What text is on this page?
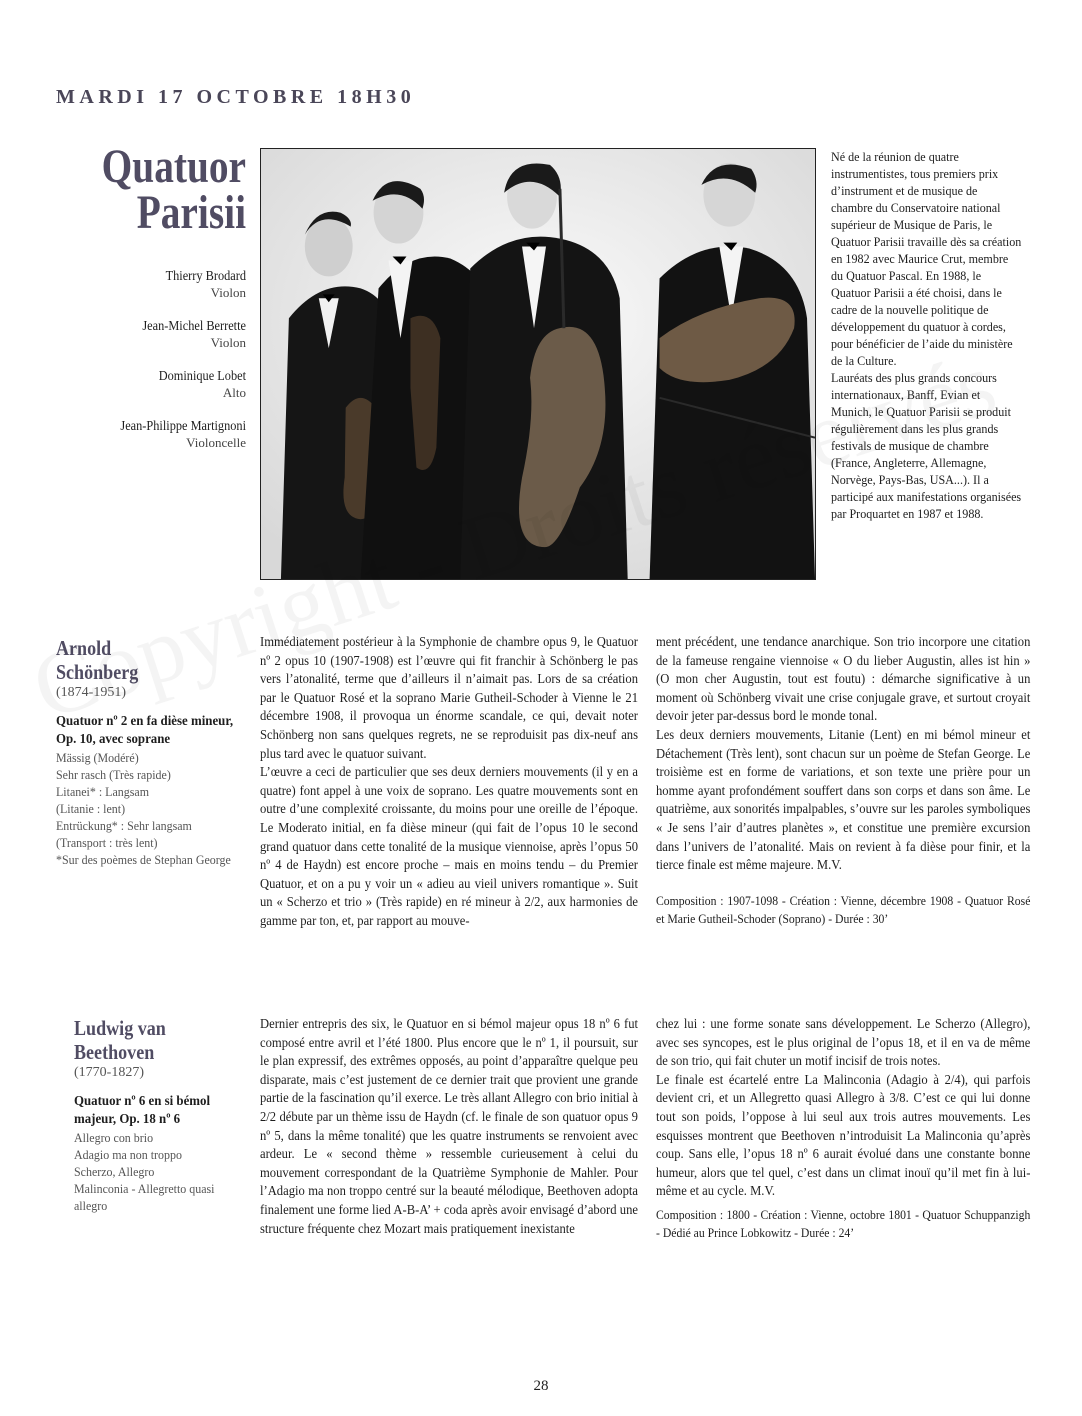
MARDI 17 OCTOBRE 18H30
Quatuor
Parisii
Thierry Brodard
Violon
Jean-Michel Berrette
Violon
Dominique Lobet
Alto
Jean-Philippe Martignoni
Violoncelle

Né de la réunion de quatre instrumentistes, tous premiers prix d’instrument et de musique de chambre du Conservatoire national supérieur de Musique de Paris, le Quatuor Parisii travaille dès sa création en 1982 avec Maurice Crut, membre du Quatuor Pascal. En 1988, le Quatuor Parisii a été choisi, dans le cadre de la nouvelle politique de développement du quatuor à cordes, pour bénéficier de l’aide du ministère de la Culture.

Lauréats des plus grands concours internationaux, Banff, Evian et Munich, le Quatuor Parisii se produit régulièrement dans les plus grands festivals de musique de chambre (France, Angleterre, Allemagne, Norvège, Pays-Bas, USA...). Il a participé aux manifestations organisées par Proquartet en 1987 et 1988.

Arnold
Schönberg
(1874-1951)
Quatuor nº 2 en fa dièse mineur, Op. 10, avec soprane
Mässig (Modéré)
Sehr rasch (Très rapide)
Litanei* : Langsam
(Litanie : lent)
Entrückung* : Sehr langsam
(Transport : très lent)
*Sur des poèmes de Stephan George

Immédiatement postérieur à la Symphonie de chambre opus 9, le Quatuor nº 2 opus 10 (1907-1908) est l’œuvre qui fit franchir à Schönberg le pas vers l’atonalité, terme que d’ailleurs il n’aimait pas. Lors de sa création par le Quatuor Rosé et la soprano Marie Gutheil-Schoder à Vienne le 21 décembre 1908, il provoqua un énorme scandale, ce qui, devait noter Schönberg non sans quelques regrets, ne se reproduisit pas dix-neuf ans plus tard avec le quatuor suivant.

L’œuvre a ceci de particulier que ses deux derniers mouvements (il y en a quatre) font appel à une voix de soprano. Les quatre mouvements sont en outre d’une complexité croissante, du moins pour une oreille de l’époque. Le Moderato initial, en fa dièse mineur (qui fait de l’opus 10 le second grand quatuor dans cette tonalité de la musique viennoise, après l’opus 50 nº 4 de Haydn) est encore proche – mais en moins tendu – du Premier Quatuor, et on a pu y voir un « adieu au vieil univers romantique ». Suit un « Scherzo et trio » (Très rapide) en ré mineur à 2/2, aux harmonies de gamme par ton, et, par rapport au mouve-

ment précédent, une tendance anarchique. Son trio incorpore une citation de la fameuse rengaine viennoise « O du lieber Augustin, alles ist hin » (O mon cher Augustin, tout est foutu) : démarche significative à un moment où Schönberg vivait une crise conjugale grave, et surtout croyait devoir jeter par-dessus bord le monde tonal.

Les deux derniers mouvements, Litanie (Lent) en mi bémol mineur et Détachement (Très lent), sont chacun sur un poème de Stefan George. Le troisième est en forme de variations, et son texte une prière pour un homme ayant profondément souffert dans son corps et dans son âme. Le quatrième, aux sonorités impalpables, s’ouvre sur les paroles symboliques « Je sens l’air d’autres planètes », et constitue une première excursion dans l’univers de l’atonalité. Mais on revient à fa dièse pour finir, et la tierce finale est même majeure. M.V.

Composition : 1907-1098 - Création : Vienne, décembre 1908 - Quatuor Rosé et Marie Gutheil-Schoder (Soprano) - Durée : 30’
Ludwig van
Beethoven
(1770-1827)
Quatuor nº 6 en si bémol majeur, Op. 18 nº 6
Allegro con brio
Adagio ma non troppo
Scherzo, Allegro
Malinconia - Allegretto quasi allegro

Dernier entrepris des six, le Quatuor en si bémol majeur opus 18 nº 6 fut composé entre avril et l’été 1800. Plus encore que le nº 1, il poursuit, sur le plan expressif, des extrêmes opposés, au point d’apparaître quelque peu disparate, mais c’est justement de ce dernier trait que provient une grande partie de la fascination qu’il exerce. Le très allant Allegro con brio initial à 2/2 débute par un thème issu de Haydn (cf. le finale de son quatuor opus 9 nº 5, dans la même tonalité) que les quatre instruments se renvoient avec ardeur. Le « second thème » ressemble curieusement à celui du mouvement correspondant de la Quatrième Symphonie de Mahler. Pour l’Adagio ma non troppo centré sur la beauté mélodique, Beethoven adopta finalement une forme lied A-B-A’ + coda après avoir envisagé d’abord une structure fréquente chez Mozart mais pratiquement inexistante

chez lui : une forme sonate sans développement. Le Scherzo (Allegro), avec ses syncopes, est le plus original de l’opus 18, et il en va de même de son trio, qui fait chuter un motif incisif de trois notes.

Le finale est écartelé entre La Malinconia (Adagio à 2/4), qui parfois devient cri, et un Allegretto quasi Allegro à 3/8. C’est ce qui lui donne tout son poids, l’oppose à lui seul aux trois autres mouvements. Les esquisses montrent que Beethoven n’introduisit La Malinconia qu’après coup. Sans elle, l’opus 18 nº 6 aurait évolué dans une constante bonne humeur, alors que tel quel, c’est dans un climat inouï qu’il met fin à lui-même et au cycle. M.V.

Composition : 1800 - Création : Vienne, octobre 1801 - Quatuor Schuppanzigh - Dédié au Prince Lobkowitz - Durée : 24’
28
